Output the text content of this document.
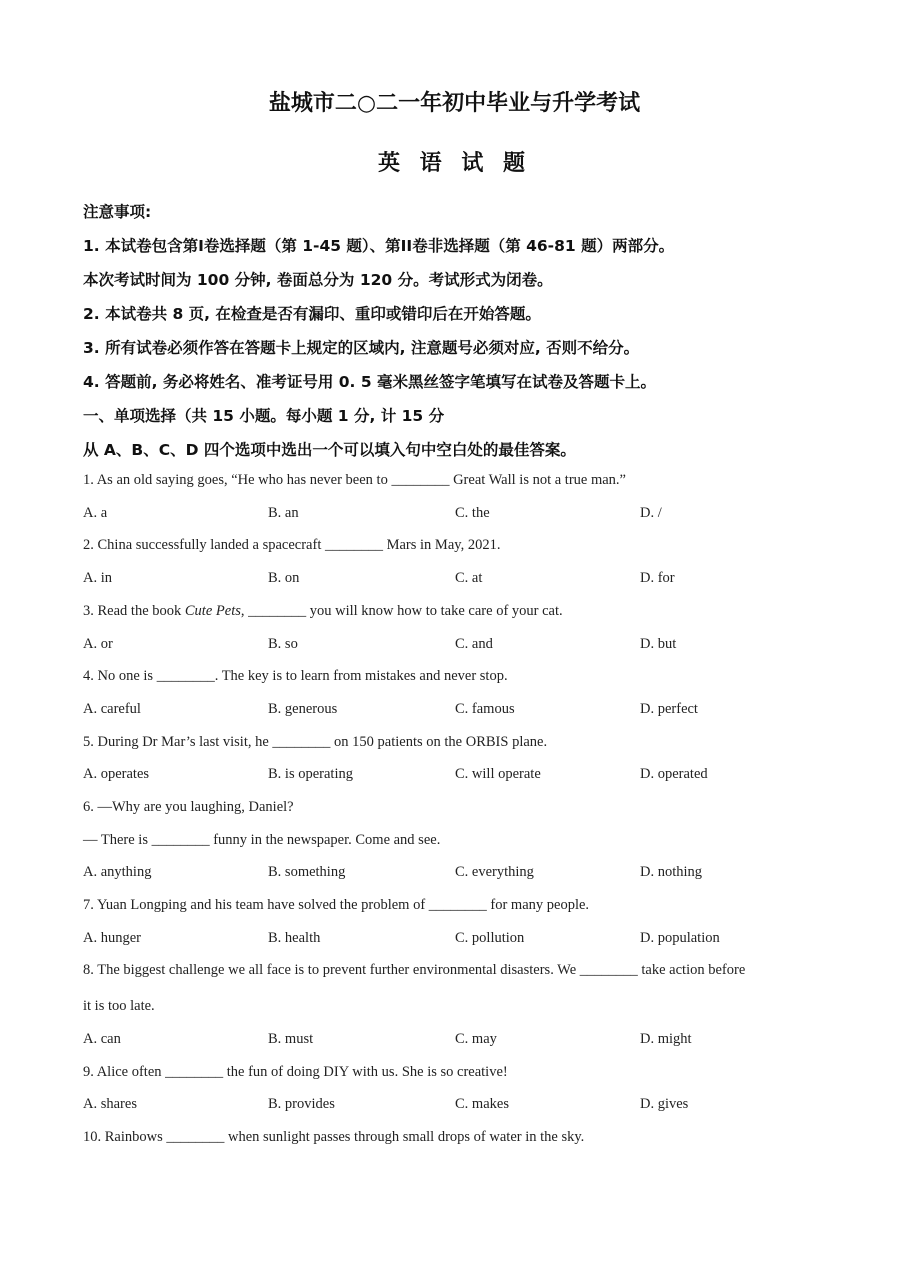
盐城市二○二一年初中毕业与升学考试
英 语 试 题
注意事项:
1. 本试卷包含第I卷选择题（第 1-45 题）、第II卷非选择题（第 46-81 题）两部分。
本次考试时间为 100 分钟, 卷面总分为 120 分。考试形式为闭卷。
2. 本试卷共 8 页, 在检查是否有漏印、重印或错印后在开始答题。
3. 所有试卷必须作答在答题卡上规定的区域内, 注意题号必须对应, 否则不给分。
4. 答题前, 务必将姓名、准考证号用 0. 5 毫米黑丝签字笔填写在试卷及答题卡上。
一、单项选择（共 15 小题。每小题 1 分, 计 15 分
从 A、B、C、D 四个选项中选出一个可以填入句中空白处的最佳答案。
1. As an old saying goes, “He who has never been to ________ Great Wall is not a true man.”
A. a	B. an	C. the	D. /
2. China successfully landed a spacecraft ________ Mars in May, 2021.
A. in	B. on	C. at	D. for
3. Read the book Cute Pets, ________ you will know how to take care of your cat.
A. or	B. so	C. and	D. but
4. No one is ________. The key is to learn from mistakes and never stop.
A. careful	B. generous	C. famous	D. perfect
5. During Dr Mar’s last visit, he ________ on 150 patients on the ORBIS plane.
A. operates	B. is operating	C. will operate	D. operated
6. —Why are you laughing, Daniel?
— There is ________ funny in the newspaper. Come and see.
A. anything	B. something	C. everything	D. nothing
7. Yuan Longping and his team have solved the problem of ________ for many people.
A. hunger	B. health	C. pollution	D. population
8. The biggest challenge we all face is to prevent further environmental disasters. We ________ take action before
it is too late.
A. can	B. must	C. may	D. might
9. Alice often ________ the fun of doing DIY with us. She is so creative!
A. shares	B. provides	C. makes	D. gives
10. Rainbows ________ when sunlight passes through small drops of water in the sky.
